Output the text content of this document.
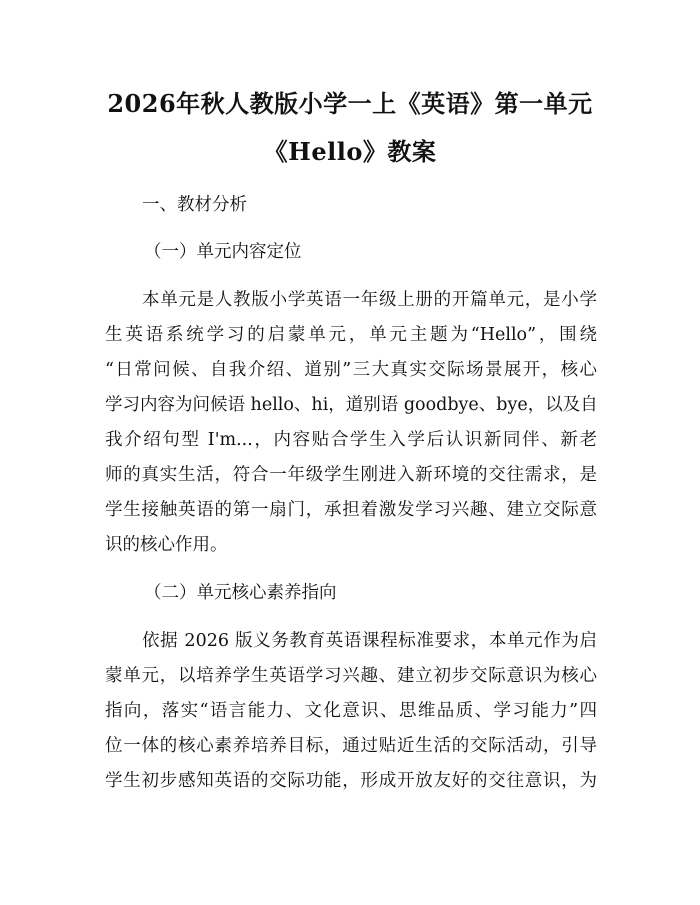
2026年秋人教版小学一上《英语》第一单元
《Hello》教案
一、教材分析
（一）单元内容定位
本单元是人教版小学英语一年级上册的开篇单元，是小学
生英语系统学习的启蒙单元，单元主题为“Hello”，围绕
“日常问候、自我介绍、道别”三大真实交际场景展开，核心
学习内容为问候语 hello、hi，道别语 goodbye、bye，以及自
我介绍句型 I'm...，内容贴合学生入学后认识新同伴、新老
师的真实生活，符合一年级学生刚进入新环境的交往需求，是
学生接触英语的第一扇门，承担着激发学习兴趣、建立交际意
识的核心作用。
（二）单元核心素养指向
依据 2026 版义务教育英语课程标准要求，本单元作为启
蒙单元，以培养学生英语学习兴趣、建立初步交际意识为核心
指向，落实“语言能力、文化意识、思维品质、学习能力”四
位一体的核心素养培养目标，通过贴近生活的交际活动，引导
学生初步感知英语的交际功能，形成开放友好的交往意识，为
